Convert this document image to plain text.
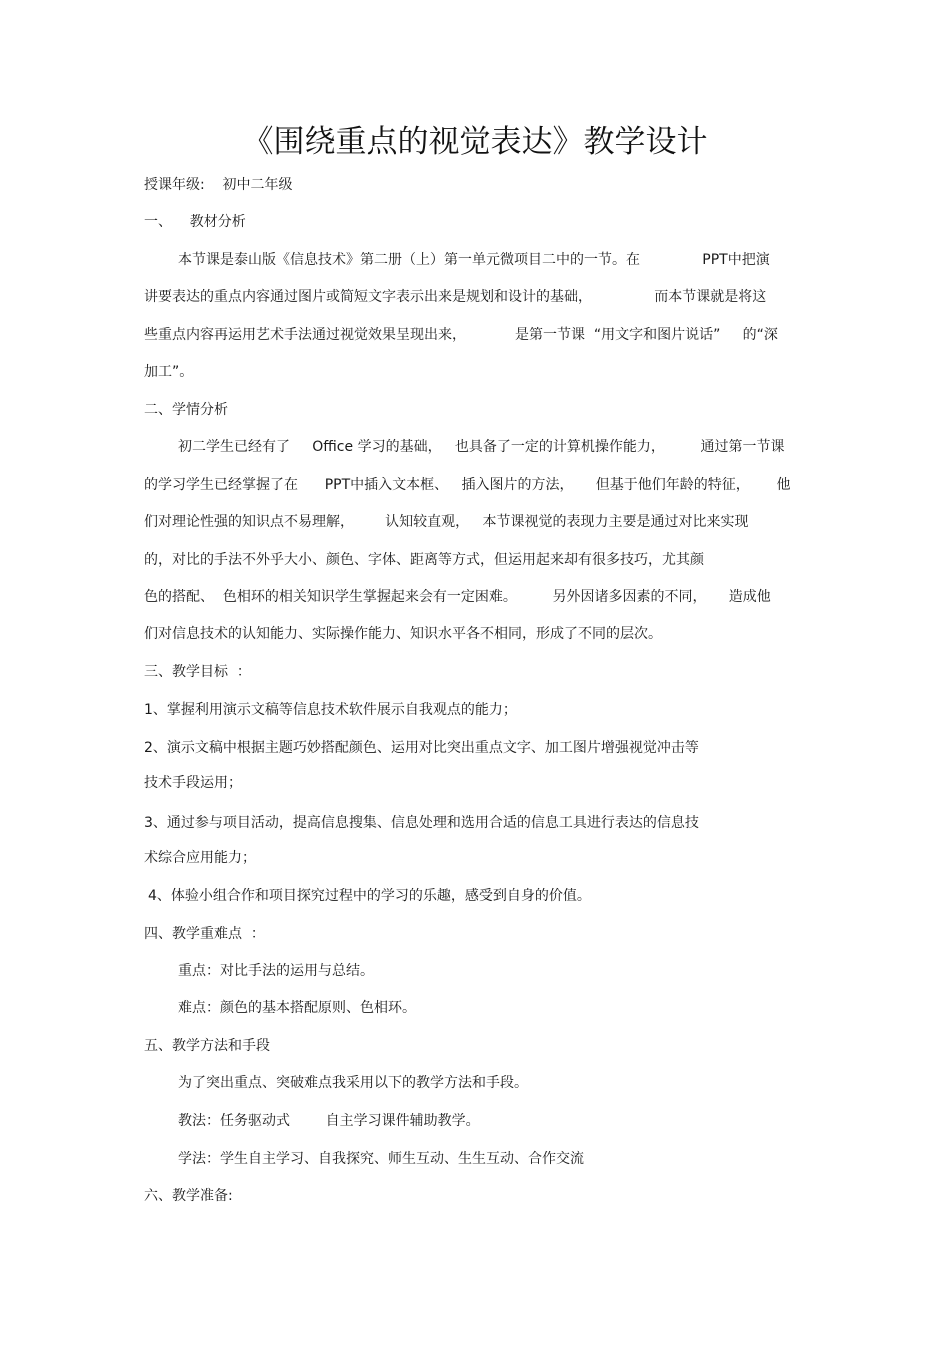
《围绕重点的视觉表达》教学设计
授课年级:    初中二年级
一、    教材分析
本节课是泰山版《信息技术》第二册（上）第一单元微项目二中的一节。在              PPT中把演
讲要表达的重点内容通过图片或简短文字表示出来是规划和设计的基础，              而本节课就是将这
些重点内容再运用艺术手法通过视觉效果呈现出来，           是第一节课  “用文字和图片说话”     的“深
加工”。
二、学情分析
初二学生已经有了     Office 学习的基础，   也具备了一定的计算机操作能力，        通过第一节课
的学习学生已经掌握了在      PPT中插入文本框、   插入图片的方法，     但基于他们年龄的特征，      他
们对理论性强的知识点不易理解，       认知较直观，   本节课视觉的表现力主要是通过对比来实现
的，对比的手法不外乎大小、颜色、字体、距离等方式，但运用起来却有很多技巧，尤其颜
色的搭配、  色相环的相关知识学生掌握起来会有一定困难。        另外因诸多因素的不同，     造成他
们对信息技术的认知能力、实际操作能力、知识水平各不相同，形成了不同的层次。
三、教学目标  ：
1、掌握利用演示文稿等信息技术软件展示自我观点的能力；
2、演示文稿中根据主题巧妙搭配颜色、运用对比突出重点文字、加工图片增强视觉冲击等
技术手段运用；
3、通过参与项目活动，提高信息搜集、信息处理和选用合适的信息工具进行表达的信息技
术综合应用能力；
4、体验小组合作和项目探究过程中的学习的乐趣，感受到自身的价值。
四、教学重难点  ：
重点：对比手法的运用与总结。
难点：颜色的基本搭配原则、色相环。
五、教学方法和手段
为了突出重点、突破难点我采用以下的教学方法和手段。
教法：任务驱动式        自主学习课件辅助教学。
学法：学生自主学习、自我探究、师生互动、生生互动、合作交流
六、教学准备:
